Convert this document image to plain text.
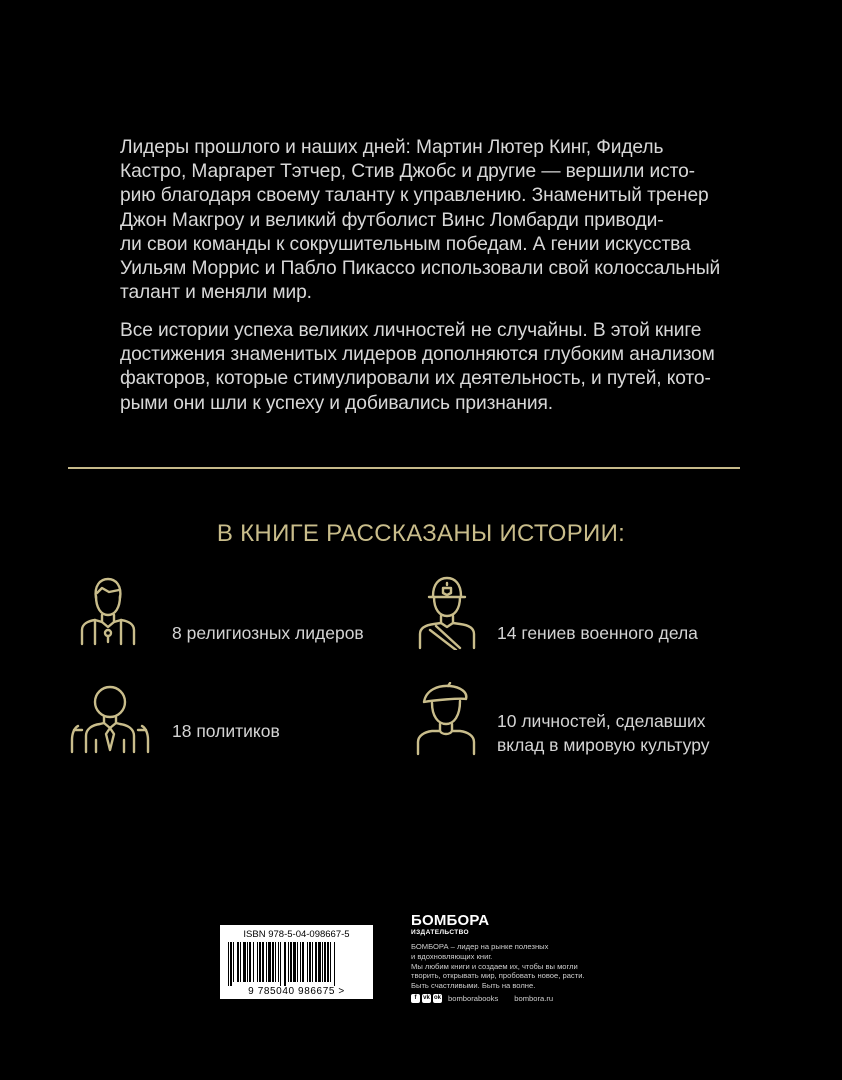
Лидеры прошлого и наших дней: Мартин Лютер Кинг, Фидель
Кастро, Маргарет Тэтчер, Стив Джобс и другие — вершили исто-
рию благодаря своему таланту к управлению. Знаменитый тренер
Джон Макгроу и великий футболист Винс Ломбарди приводи-
ли свои команды к сокрушительным победам. А гении искусства
Уильям Моррис и Пабло Пикассо использовали свой колоссальный
талант и меняли мир.
Все истории успеха великих личностей не случайны. В этой книге
достижения знаменитых лидеров дополняются глубоким анализом
факторов, которые стимулировали их деятельность, и путей, кото-
рыми они шли к успеху и добивались признания.
В КНИГЕ РАССКАЗАНЫ ИСТОРИИ:
8 религиозных лидеров	14 гениев военного дела
18 политиков	10 личностей, сделавших
вклад в мировую культуру
ISBN 978-5-04-098667-5
9 785040 986675 >
БОМБОРА
ИЗДАТЕЛЬСТВО
БОМБОРА – лидер на рынке полезных
и вдохновляющих книг.
Мы любим книги и создаем их, чтобы вы могли
творить, открывать мир, пробовать новое, расти.
Быть счастливыми. Быть на волне.
f	vk ok bomborabooks bombora.ru
